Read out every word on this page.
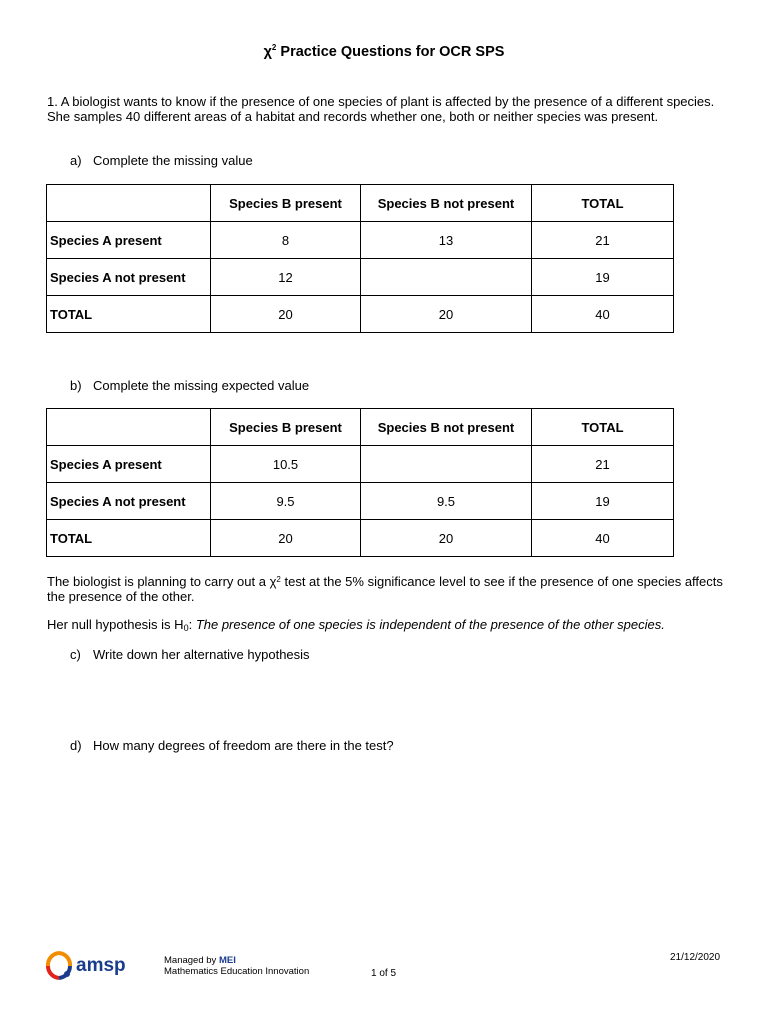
$\chi^2$ Practice Questions for OCR SPS
1. A biologist wants to know if the presence of one species of plant is affected by the presence of a different species. She samples 40 different areas of a habitat and records whether one, both or neither species was present.
a) Complete the missing value
	Species B present	Species B not present	TOTAL
Species A present	8	13	21
Species A not present	12		19
TOTAL	20	20	40
b) Complete the missing expected value
	Species B present	Species B not present	TOTAL
Species A present	10.5		21
Species A not present	9.5	9.5	19
TOTAL	20	20	40
The biologist is planning to carry out a $\chi^2$ test at the 5% significance level to see if the presence of one species affects the presence of the other.
Her null hypothesis is $H_0$: The presence of one species is independent of the presence of the other species.
c) Write down her alternative hypothesis
d) How many degrees of freedom are there in the test?
amsp	Managed by MEI
Mathematics Education Innovation	1 of 5
21/12/2020
